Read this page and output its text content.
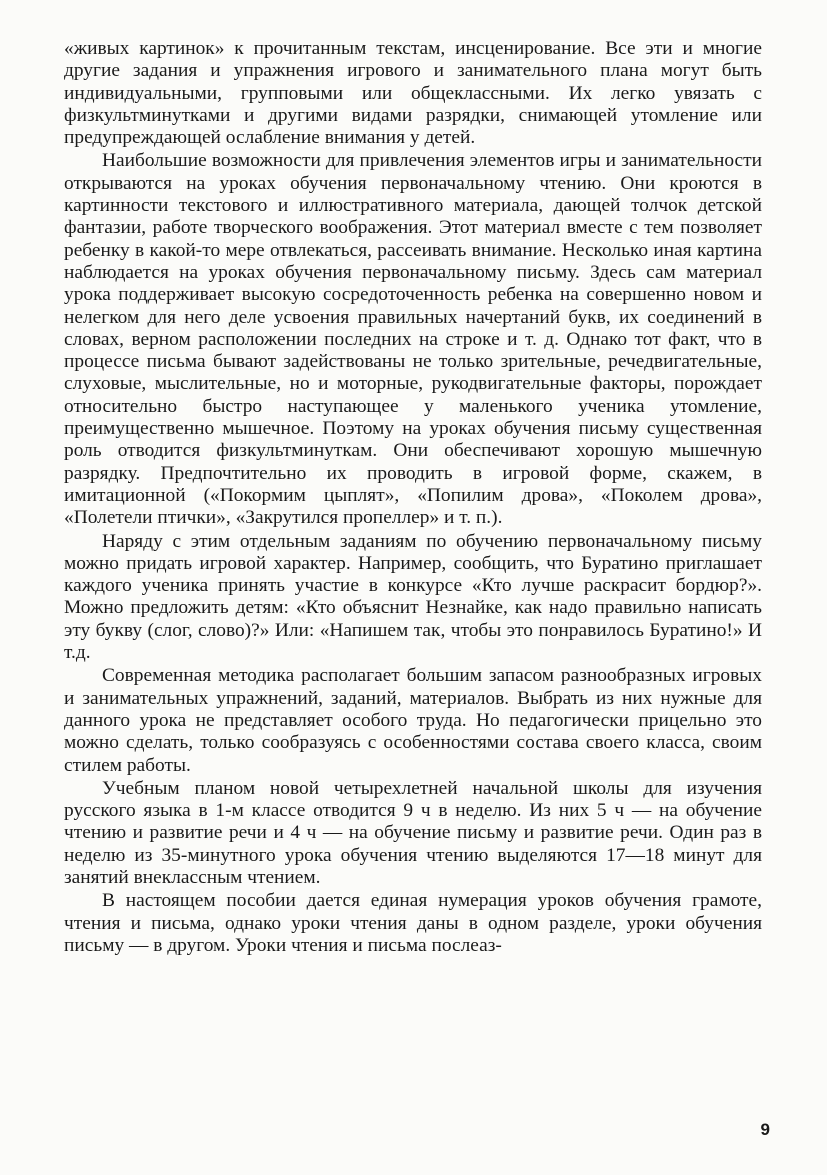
«живых картинок» к прочитанным текстам, инсценирование. Все эти и многие другие задания и упражнения игрового и занимательного плана могут быть индивидуальными, групповыми или общеклассными. Их легко увязать с физкультминутками и другими видами разрядки, снимающей утомление или предупреждающей ослабление внимания у детей.

Наибольшие возможности для привлечения элементов игры и занимательности открываются на уроках обучения первоначальному чтению. Они кроются в картинности текстового и иллюстративного материала, дающей толчок детской фантазии, работе творческого воображения. Этот материал вместе с тем позволяет ребенку в какой-то мере отвлекаться, рассеивать внимание. Несколько иная картина наблюдается на уроках обучения первоначальному письму. Здесь сам материал урока поддерживает высокую сосредоточенность ребенка на совершенно новом и нелегком для него деле усвоения правильных начертаний букв, их соединений в словах, верном расположении последних на строке и т. д. Однако тот факт, что в процессе письма бывают задействованы не только зрительные, речедвигательные, слуховые, мыслительные, но и моторные, рукодвигательные факторы, порождает относительно быстро наступающее у маленького ученика утомление, преимущественно мышечное. Поэтому на уроках обучения письму существенная роль отводится физкультминуткам. Они обеспечивают хорошую мышечную разрядку. Предпочтительно их проводить в игровой форме, скажем, в имитационной («Покормим цыплят», «Попилим дрова», «Поколем дрова», «Полетели птички», «Закрутился пропеллер» и т. п.).

Наряду с этим отдельным заданиям по обучению первоначальному письму можно придать игровой характер. Например, сообщить, что Буратино приглашает каждого ученика принять участие в конкурсе «Кто лучше раскрасит бордюр?». Можно предложить детям: «Кто объяснит Незнайке, как надо правильно написать эту букву (слог, слово)?» Или: «Напишем так, чтобы это понравилось Буратино!» И т.д.

Современная методика располагает большим запасом разнообразных игровых и занимательных упражнений, заданий, материалов. Выбрать из них нужные для данного урока не представляет особого труда. Но педагогически прицельно это можно сделать, только сообразуясь с особенностями состава своего класса, своим стилем работы.

Учебным планом новой четырехлетней начальной школы для изучения русского языка в 1-м классе отводится 9 ч в неделю. Из них 5 ч — на обучение чтению и развитие речи и 4 ч — на обучение письму и развитие речи. Один раз в неделю из 35-минутного урока обучения чтению выделяются 17—18 минут для занятий внеклассным чтением.

В настоящем пособии дается единая нумерация уроков обучения грамоте, чтения и письма, однако уроки чтения даны в одном разделе, уроки обучения письму — в другом. Уроки чтения и письма послеаз-

9
